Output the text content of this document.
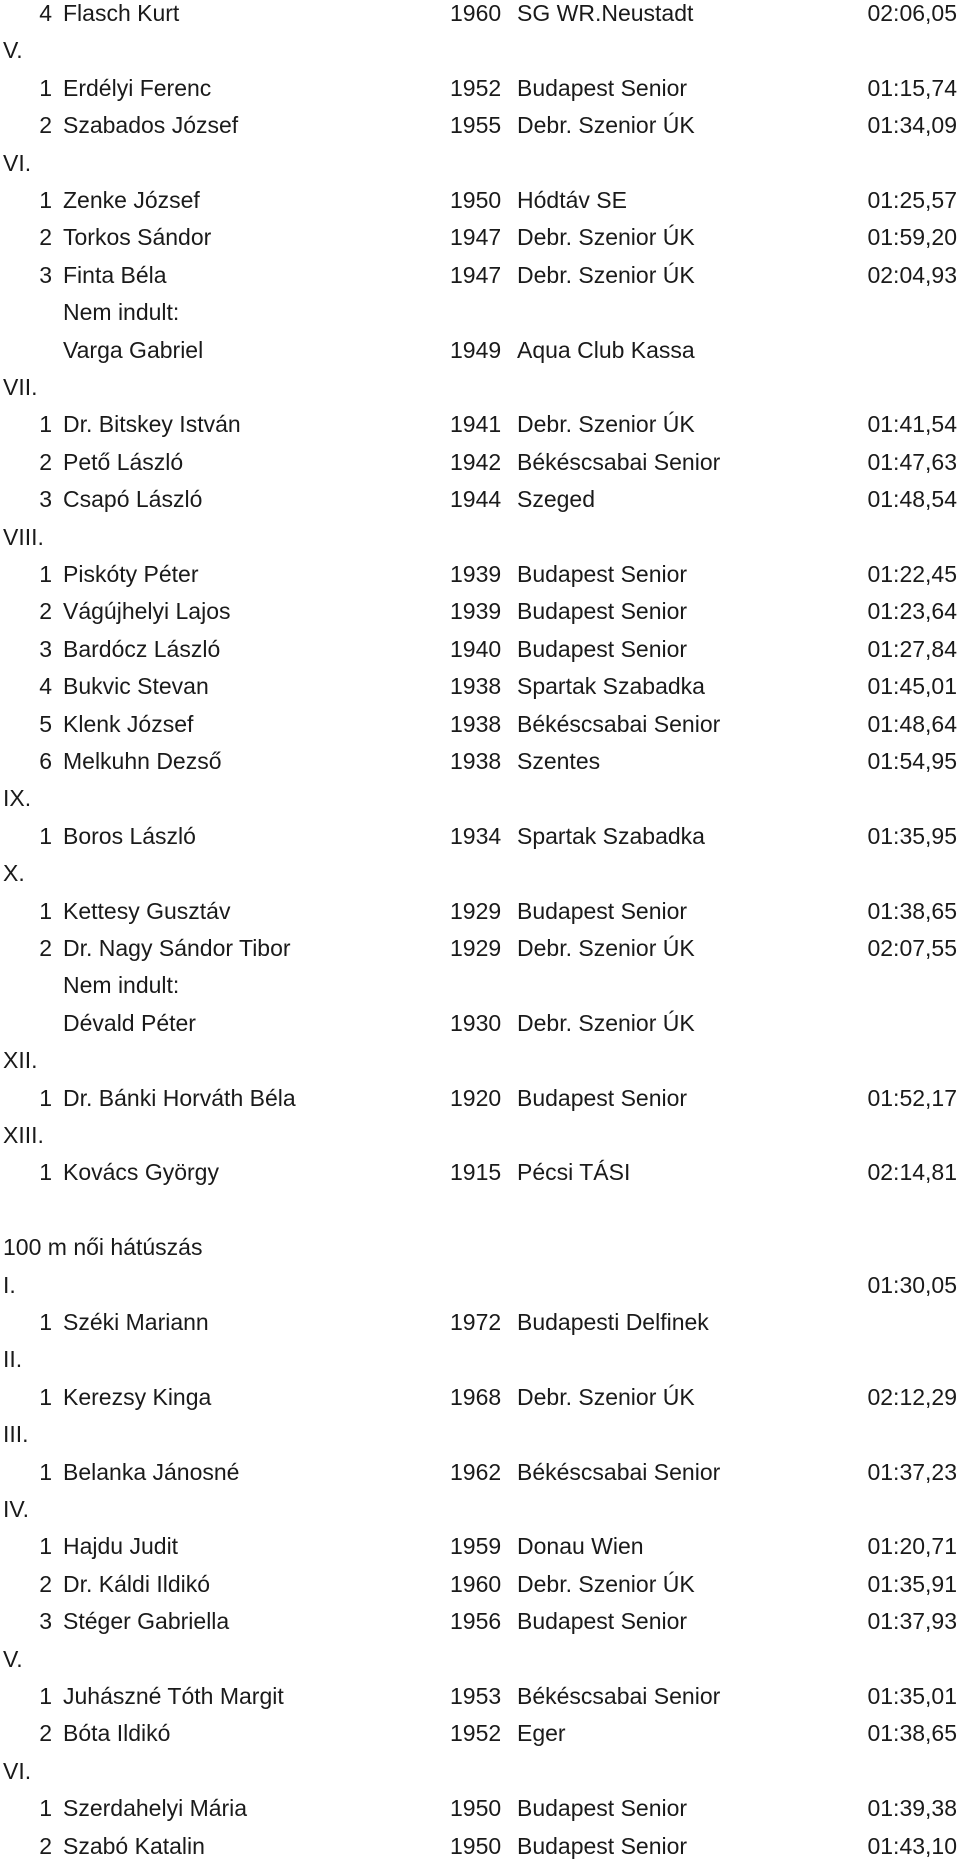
4 Flasch Kurt	1960 SG WR.Neustadt	02:06,05
V.
1 Erdélyi Ferenc	1952 Budapest Senior	01:15,74
2 Szabados József	1955 Debr. Szenior ÚK	01:34,09
VI.
1 Zenke József	1950 Hódtáv SE	01:25,57
2 Torkos Sándor	1947 Debr. Szenior ÚK	01:59,20
3 Finta Béla	1947 Debr. Szenior ÚK	02:04,93
Nem indult:
Varga Gabriel	1949 Aqua Club Kassa
VII.
1 Dr. Bitskey István	1941 Debr. Szenior ÚK	01:41,54
2 Pető László	1942 Békéscsabai Senior	01:47,63
3 Csapó László	1944 Szeged	01:48,54
VIII.
1 Piskóty Péter	1939 Budapest Senior	01:22,45
2 Vágújhelyi Lajos	1939 Budapest Senior	01:23,64
3 Bardócz László	1940 Budapest Senior	01:27,84
4 Bukvic Stevan	1938 Spartak Szabadka	01:45,01
5 Klenk József	1938 Békéscsabai Senior	01:48,64
6 Melkuhn Dezső	1938 Szentes	01:54,95
IX.
1 Boros László	1934 Spartak Szabadka	01:35,95
X.
1 Kettesy Gusztáv	1929 Budapest Senior	01:38,65
2 Dr. Nagy Sándor Tibor	1929 Debr. Szenior ÚK	02:07,55
Nem indult:
Dévald Péter	1930 Debr. Szenior ÚK
XII.
1 Dr. Bánki Horváth Béla	1920 Budapest Senior	01:52,17
XIII.
1 Kovács György	1915 Pécsi TÁSI	02:14,81
100 m női hátúszás
I.	01:30,05
1 Széki Mariann	1972 Budapesti Delfinek
II.
1 Kerezsy Kinga	1968 Debr. Szenior ÚK	02:12,29
III.
1 Belanka Jánosné	1962 Békéscsabai Senior	01:37,23
IV.
1 Hajdu Judit	1959 Donau Wien	01:20,71
2 Dr. Káldi Ildikó	1960 Debr. Szenior ÚK	01:35,91
3 Stéger Gabriella	1956 Budapest Senior	01:37,93
V.
1 Juhászné Tóth Margit	1953 Békéscsabai Senior	01:35,01
2 Bóta Ildikó	1952 Eger	01:38,65
VI.
1 Szerdahelyi Mária	1950 Budapest Senior	01:39,38
2 Szabó Katalin	1950 Budapest Senior	01:43,10
